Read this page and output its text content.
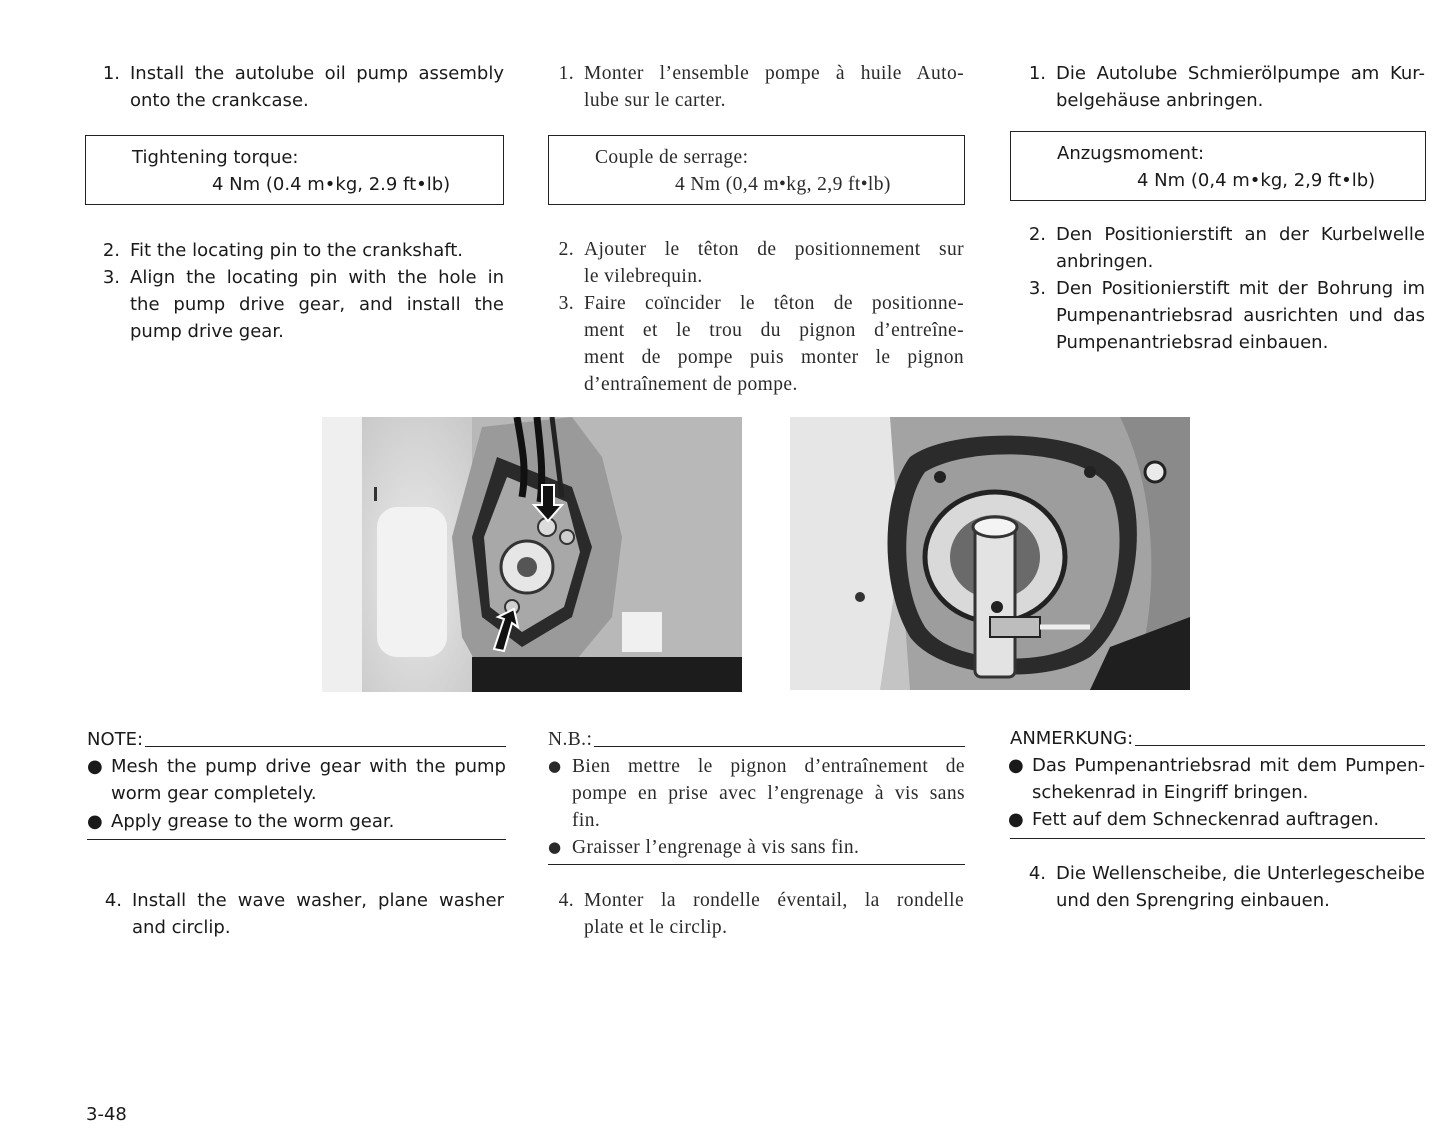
1. Install the autolube oil pump assembly
onto the crankcase.
Tightening torque:
4 Nm (0.4 m•kg, 2.9 ft•lb)
2. Fit the locating pin to the crankshaft.
3. Align the locating pin with the hole in
the pump drive gear, and install the
pump drive gear.
NOTE:
● Mesh the pump drive gear with the pump
worm gear completely.
● Apply grease to the worm gear.
4. Install the wave washer, plane washer
and circlip.
1. Monter l’ensemble pompe à huile Auto-
lube sur le carter.
Couple de serrage:
4 Nm (0,4 m•kg, 2,9 ft•lb)
2. Ajouter le têton de positionnement sur
le vilebrequin.
3. Faire coïncider le têton de positionne-
ment et le trou du pignon d’entreîne-
ment de pompe puis monter le pignon
d’entraînement de pompe.
N.B.:
● Bien mettre le pignon d’entraînement de
pompe en prise avec l’engrenage à vis sans
fin.
● Graisser l’engrenage à vis sans fin.
4. Monter la rondelle éventail, la rondelle
plate et le circlip.
1. Die Autolube Schmierölpumpe am Kur-
belgehäuse anbringen.
Anzugsmoment:
4 Nm (0,4 m•kg, 2,9 ft•lb)
2. Den Positionierstift an der Kurbelwelle
anbringen.
3. Den Positionierstift mit der Bohrung im
Pumpenantriebsrad ausrichten und das
Pumpenantriebsrad einbauen.
ANMERKUNG:
● Das Pumpenantriebsrad mit dem Pumpen-
schekenrad in Eingriff bringen.
● Fett auf dem Schneckenrad auftragen.
4. Die Wellenscheibe, die Unterlegescheibe
und den Sprengring einbauen.
3-48
